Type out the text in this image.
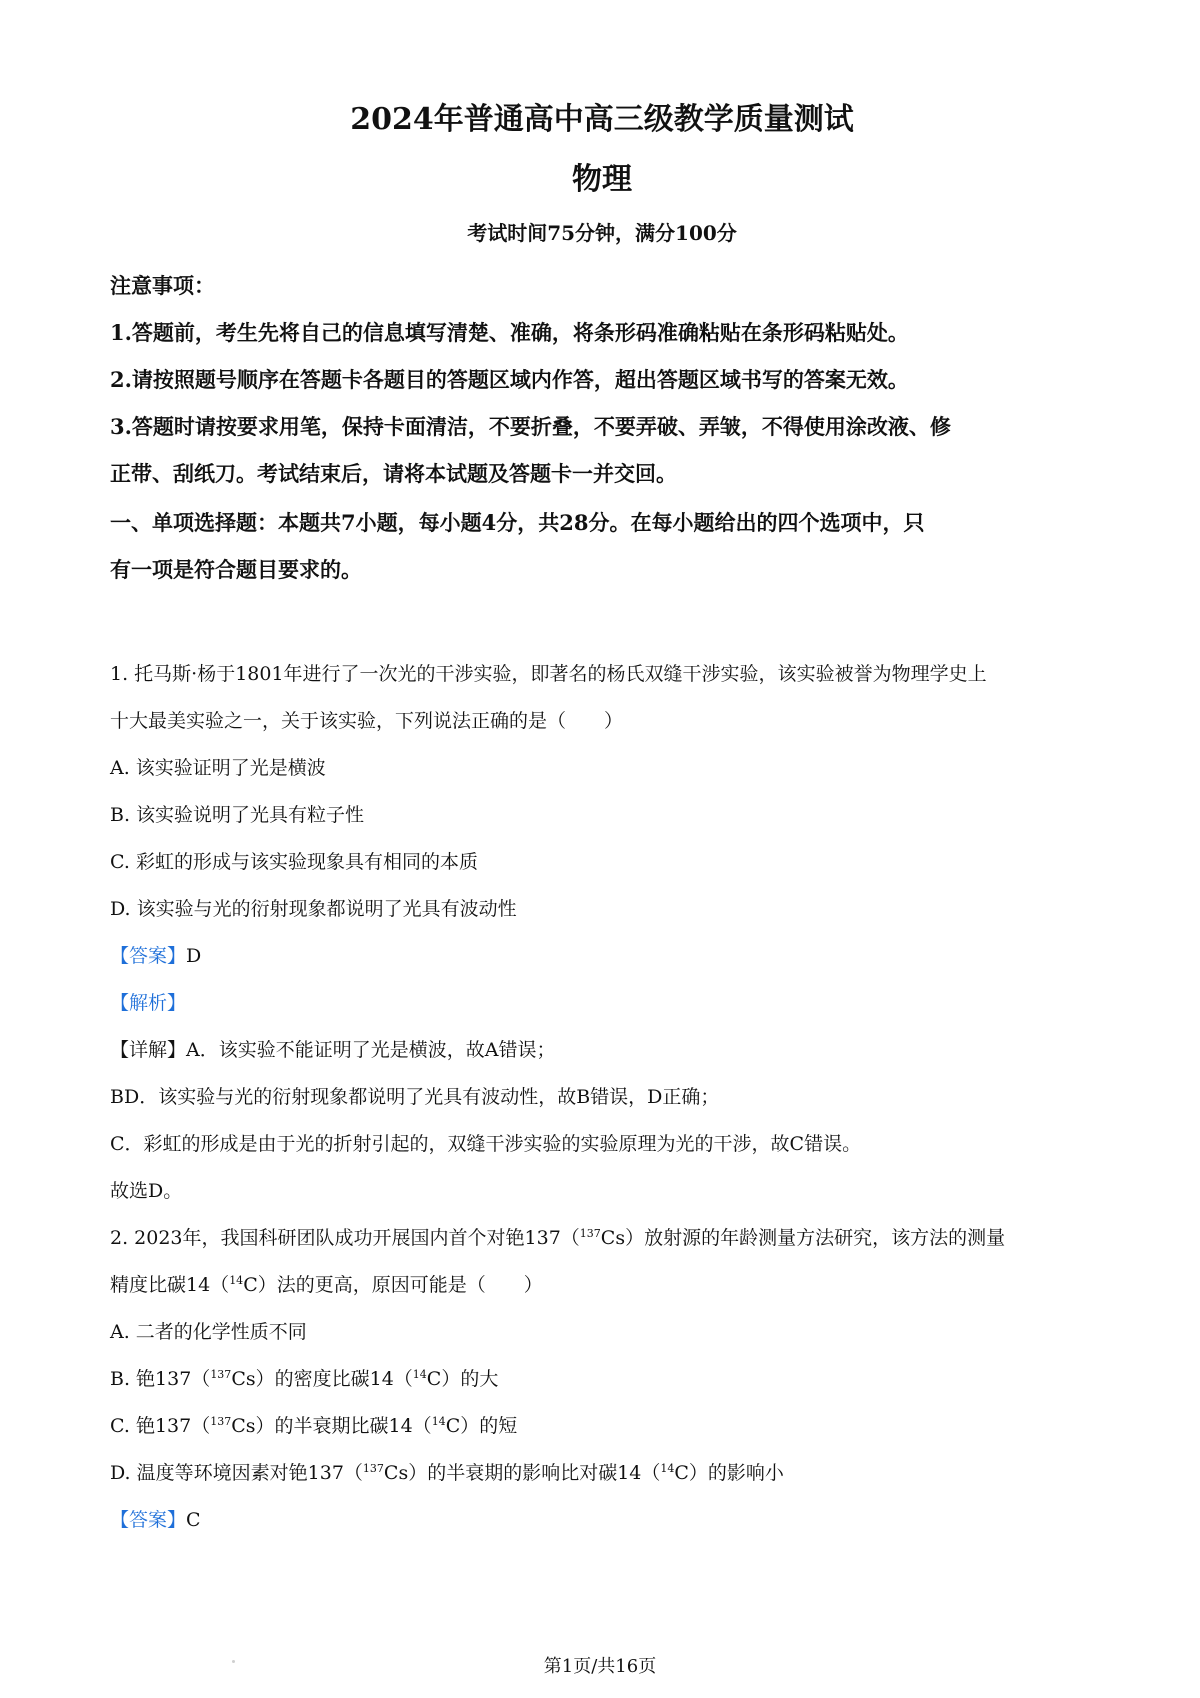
2024年普通高中高三级教学质量测试
物理
考试时间75分钟，满分100分
注意事项：
1.答题前，考生先将自己的信息填写清楚、准确，将条形码准确粘贴在条形码粘贴处。
2.请按照题号顺序在答题卡各题目的答题区域内作答，超出答题区域书写的答案无效。
3.答题时请按要求用笔，保持卡面清洁，不要折叠，不要弄破、弄皱，不得使用涂改液、修
正带、刮纸刀。考试结束后，请将本试题及答题卡一并交回。
一、单项选择题：本题共7小题，每小题4分，共28分。在每小题给出的四个选项中，只
有一项是符合题目要求的。
1. 托马斯·杨于1801年进行了一次光的干涉实验，即著名的杨氏双缝干涉实验，该实验被誉为物理学史上
十大最美实验之一，关于该实验，下列说法正确的是（　　）
A. 该实验证明了光是横波
B. 该实验说明了光具有粒子性
C. 彩虹的形成与该实验现象具有相同的本质
D. 该实验与光的衍射现象都说明了光具有波动性
【答案】D
【解析】
【详解】A．该实验不能证明了光是横波，故A错误；
BD．该实验与光的衍射现象都说明了光具有波动性，故B错误，D正确；
C．彩虹的形成是由于光的折射引起的，双缝干涉实验的实验原理为光的干涉，故C错误。
故选D。
2. 2023年，我国科研团队成功开展国内首个对铯137（$^{137}$Cs）放射源的年龄测量方法研究，该方法的测量
精度比碳14（$^{14}$C）法的更高，原因可能是（　　）
A. 二者的化学性质不同
B. 铯137（$^{137}$Cs）的密度比碳14（$^{14}$C）的大
C. 铯137（$^{137}$Cs）的半衰期比碳14（$^{14}$C）的短
D. 温度等环境因素对铯137（$^{137}$Cs）的半衰期的影响比对碳14（$^{14}$C）的影响小
【答案】C
第1页/共16页
